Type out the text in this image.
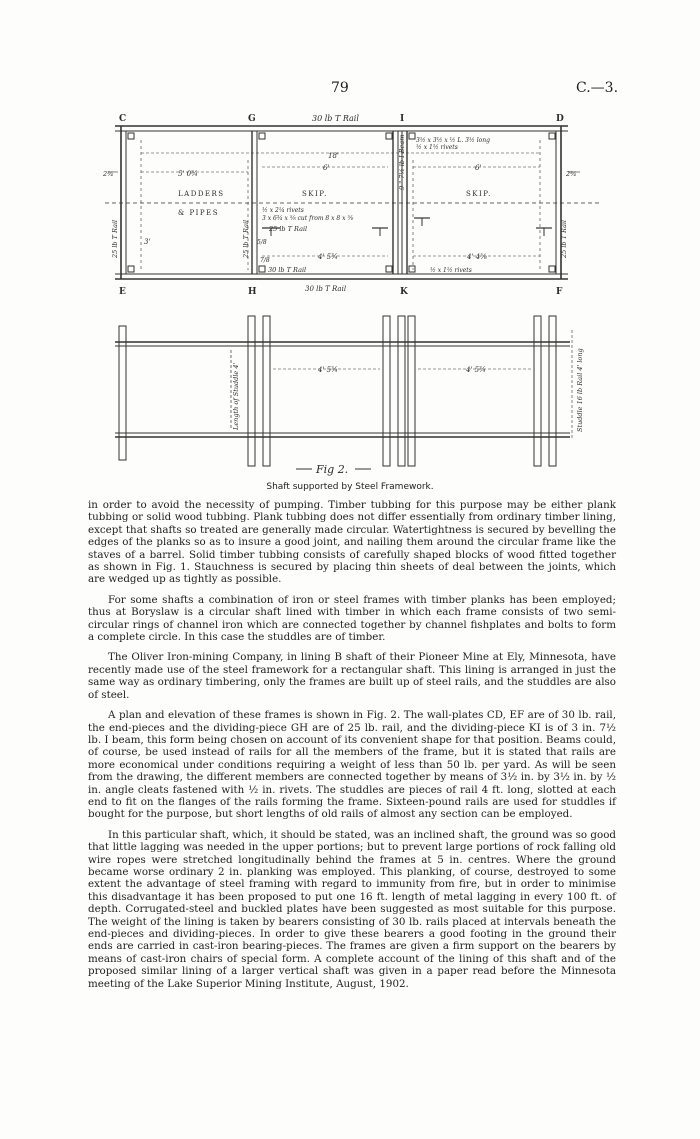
79	C.—3.
C	G	I	D
E	H	K	F
30 lb T Rail
30 lb T Rail
30 lb T Rail
25 lb T Rail	25 lb T Rail	25 lb T Rail
25 lb T Rail
9 " 7½ lb I Beam
18'
6'	6'
5' 0¾
2¾	2¾
4' 5¾	4' 4⅜
3'	5/8
7/8
LADDERS
& PIPES
SKIP.	SKIP.
3½ x 3½ x ½ L. 3½ long
½ x 1½ rivets
½ x 2¼ rivets
3 x 6¾ x ⅝ cut from 8 x 8 x ⅝
½ x 1½ rivets
Length of Studdle 4'	Studdle 16 lb Rail 4' long
4' 5¾	4' 5¾
Fig 2.
Shaft supported by Steel Framework.

in order to avoid the necessity of pumping. Timber tubbing for this purpose may be either plank tubbing or solid wood tubbing. Plank tubbing does not differ essentially from ordinary timber lining, except that shafts so treated are generally made circular. Watertightness is secured by bevelling the edges of the planks so as to insure a good joint, and nailing them around the circular frame like the staves of a barrel. Solid timber tubbing consists of carefully shaped blocks of wood fitted together as shown in Fig. 1. Stauchness is secured by placing thin sheets of deal between the joints, which are wedged up as tightly as possible.

For some shafts a combination of iron or steel frames with timber planks has been employed; thus at Boryslaw is a circular shaft lined with timber in which each frame consists of two semi-circular rings of channel iron which are connected together by channel fishplates and bolts to form a complete circle. In this case the studdles are of timber.

The Oliver Iron-mining Company, in lining B shaft of their Pioneer Mine at Ely, Minnesota, have recently made use of the steel framework for a rectangular shaft. This lining is arranged in just the same way as ordinary timbering, only the frames are built up of steel rails, and the studdles are also of steel.

A plan and elevation of these frames is shown in Fig. 2. The wall-plates CD, EF are of 30 lb. rail, the end-pieces and the dividing-piece GH are of 25 lb. rail, and the dividing-piece KI is of 3 in. 7½ lb. I beam, this form being chosen on account of its convenient shape for that position. Beams could, of course, be used instead of rails for all the members of the frame, but it is stated that rails are more economical under conditions requiring a weight of less than 50 lb. per yard. As will be seen from the drawing, the different members are connected together by means of 3½ in. by 3½ in. by ½ in. angle cleats fastened with ½ in. rivets. The studdles are pieces of rail 4 ft. long, slotted at each end to fit on the flanges of the rails forming the frame. Sixteen-pound rails are used for studdles if bought for the purpose, but short lengths of old rails of almost any section can be employed.

In this particular shaft, which, it should be stated, was an inclined shaft, the ground was so good that little lagging was needed in the upper portions; but to prevent large portions of rock falling old wire ropes were stretched longitudinally behind the frames at 5 in. centres. Where the ground became worse ordinary 2 in. planking was employed. This planking, of course, destroyed to some extent the advantage of steel framing with regard to immunity from fire, but in order to minimise this disadvantage it has been proposed to put one 16 ft. length of metal lagging in every 100 ft. of depth. Corrugated-steel and buckled plates have been suggested as most suitable for this purpose. The weight of the lining is taken by bearers consisting of 30 lb. rails placed at intervals beneath the end-pieces and dividing-pieces. In order to give these bearers a good footing in the ground their ends are carried in cast-iron bearing-pieces. The frames are given a firm support on the bearers by means of cast-iron chairs of special form. A complete account of the lining of this shaft and of the proposed similar lining of a larger vertical shaft was given in a paper read before the Minnesota meeting of the Lake Superior Mining Institute, August, 1902.
